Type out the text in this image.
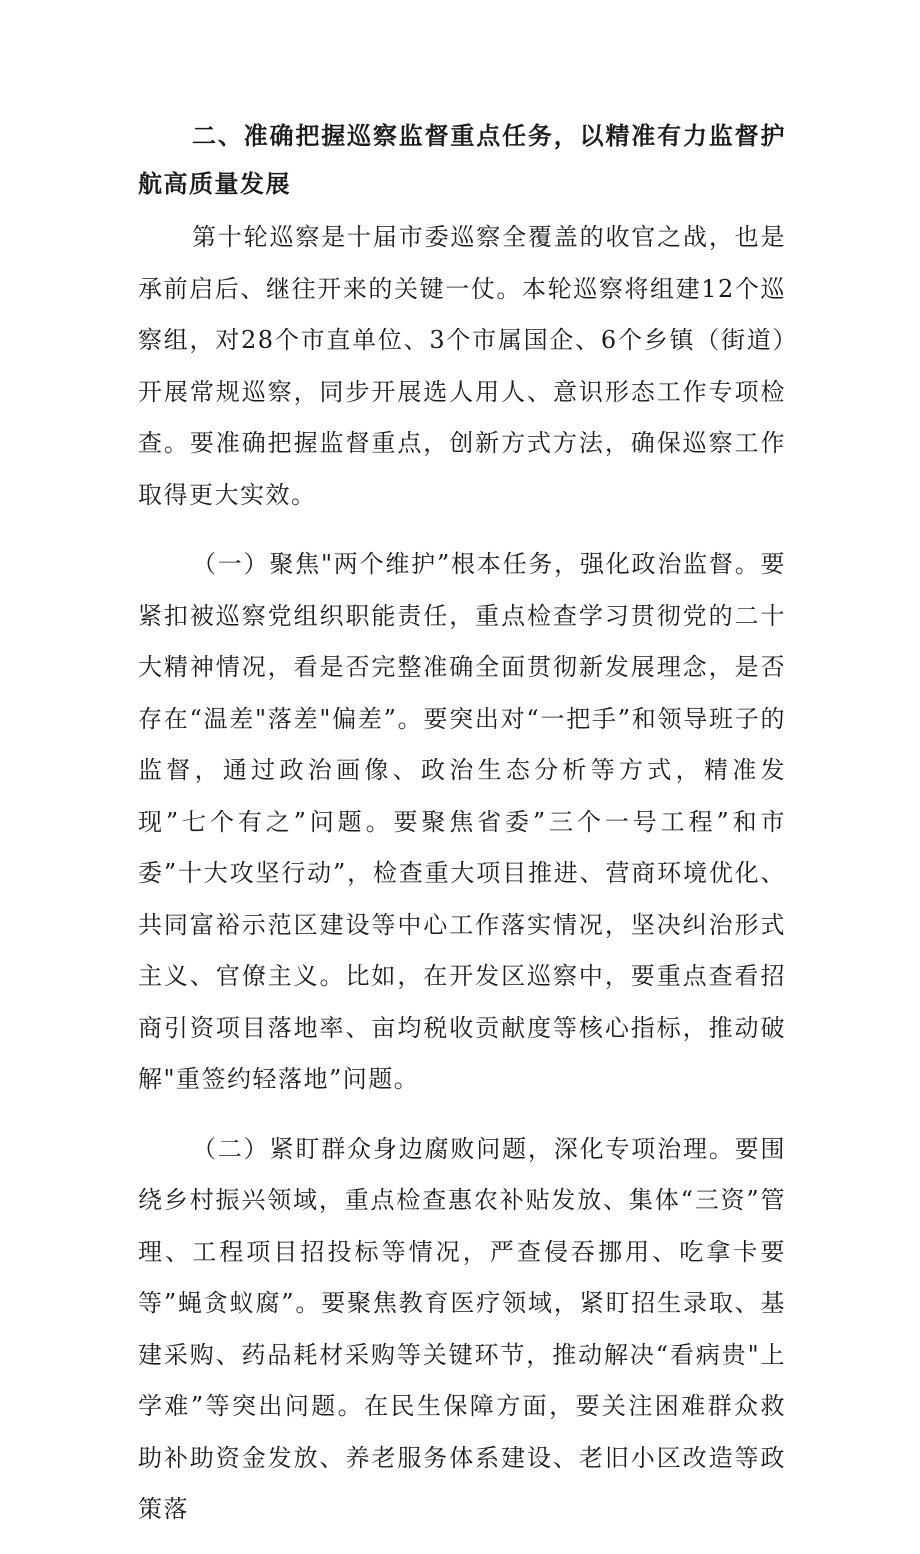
二、准确把握巡察监督重点任务，以精准有力监督护航高质量发展

第十轮巡察是十届市委巡察全覆盖的收官之战，也是承前启后、继往开来的关键一仗。本轮巡察将组建12个巡察组，对28个市直单位、3个市属国企、6个乡镇（街道）开展常规巡察，同步开展选人用人、意识形态工作专项检查。要准确把握监督重点，创新方式方法，确保巡察工作取得更大实效。

（一）聚焦"两个维护”根本任务，强化政治监督。要紧扣被巡察党组织职能责任，重点检查学习贯彻党的二十大精神情况，看是否完整准确全面贯彻新发展理念，是否存在“温差"落差"偏差”。要突出对“一把手”和领导班子的监督，通过政治画像、政治生态分析等方式，精准发现”七个有之”问题。要聚焦省委”三个一号工程”和市委”十大攻坚行动”，检查重大项目推进、营商环境优化、共同富裕示范区建设等中心工作落实情况，坚决纠治形式主义、官僚主义。比如，在开发区巡察中，要重点查看招商引资项目落地率、亩均税收贡献度等核心指标，推动破解"重签约轻落地”问题。

（二）紧盯群众身边腐败问题，深化专项治理。要围绕乡村振兴领域，重点检查惠农补贴发放、集体“三资”管理、工程项目招投标等情况，严查侵吞挪用、吃拿卡要等”蝇贪蚁腐”。要聚焦教育医疗领域，紧盯招生录取、基建采购、药品耗材采购等关键环节，推动解决“看病贵"上学难”等突出问题。在民生保障方面，要关注困难群众救助补助资金发放、养老服务体系建设、老旧小区改造等政策落
